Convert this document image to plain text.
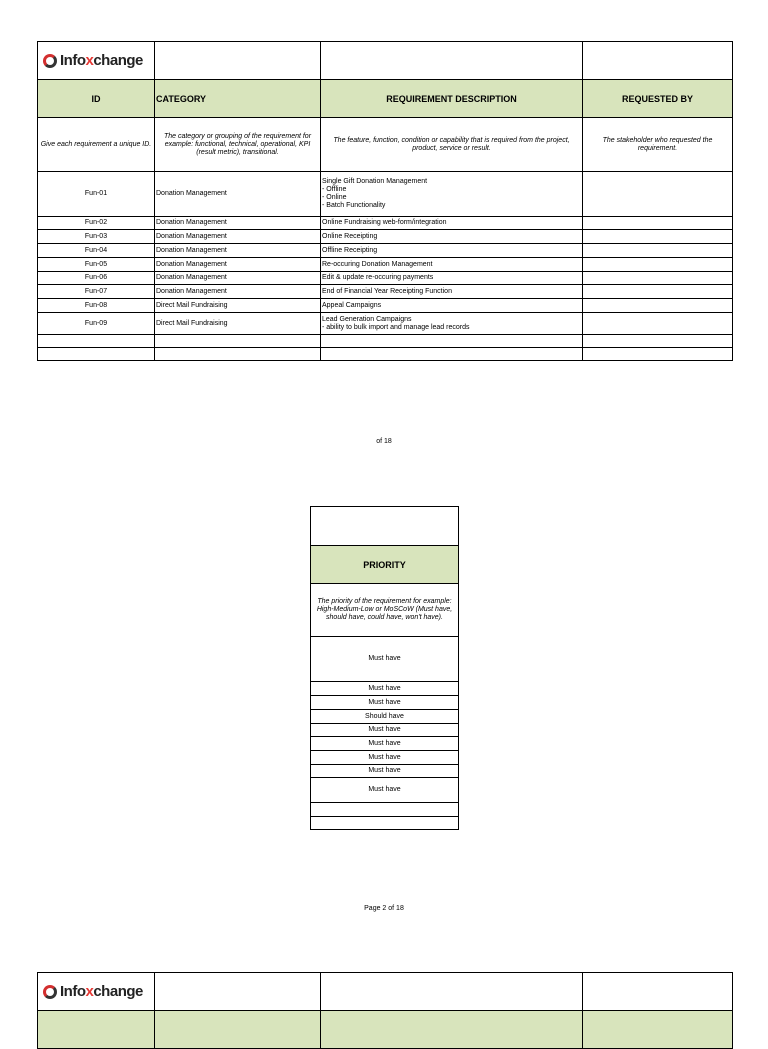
Infoxchange			

ID	CATEGORY	REQUIREMENT DESCRIPTION	REQUESTED BY
Give each requirement a unique ID.	The category or grouping of the requirement for example: functional, technical, operational, KPI (result metric), transitional.	The feature, function, condition or capability that is required from the project, product, service or result.	The stakeholder who requested the requirement.
Fun-01	Donation Management	Single Gift Donation Management
- Offline
- Online
- Batch Functionality	
Fun-02	Donation Management	Online Fundraising web-form/integration	
Fun-03	Donation Management	Online Receipting	
Fun-04	Donation Management	Offline Receipting	
Fun-05	Donation Management	Re-occuring Donation Management	
Fun-06	Donation Management	Edit & update re-occuring payments	
Fun-07	Donation Management	End of Financial Year Receipting Function	
Fun-08	Direct Mail Fundraising	Appeal Campaigns	
Fun-09	Direct Mail Fundraising	Lead Generation Campaigns
- ability to bulk import and manage lead records	

of 18

PRIORITY
The priority of the requirement for example: High-Medium-Low or MoSCoW (Must have, should have, could have, won't have).
Must have
Must have
Must have
Should have
Must have
Must have
Must have
Must have
Must have

Page 2 of 18
Infoxchange			
